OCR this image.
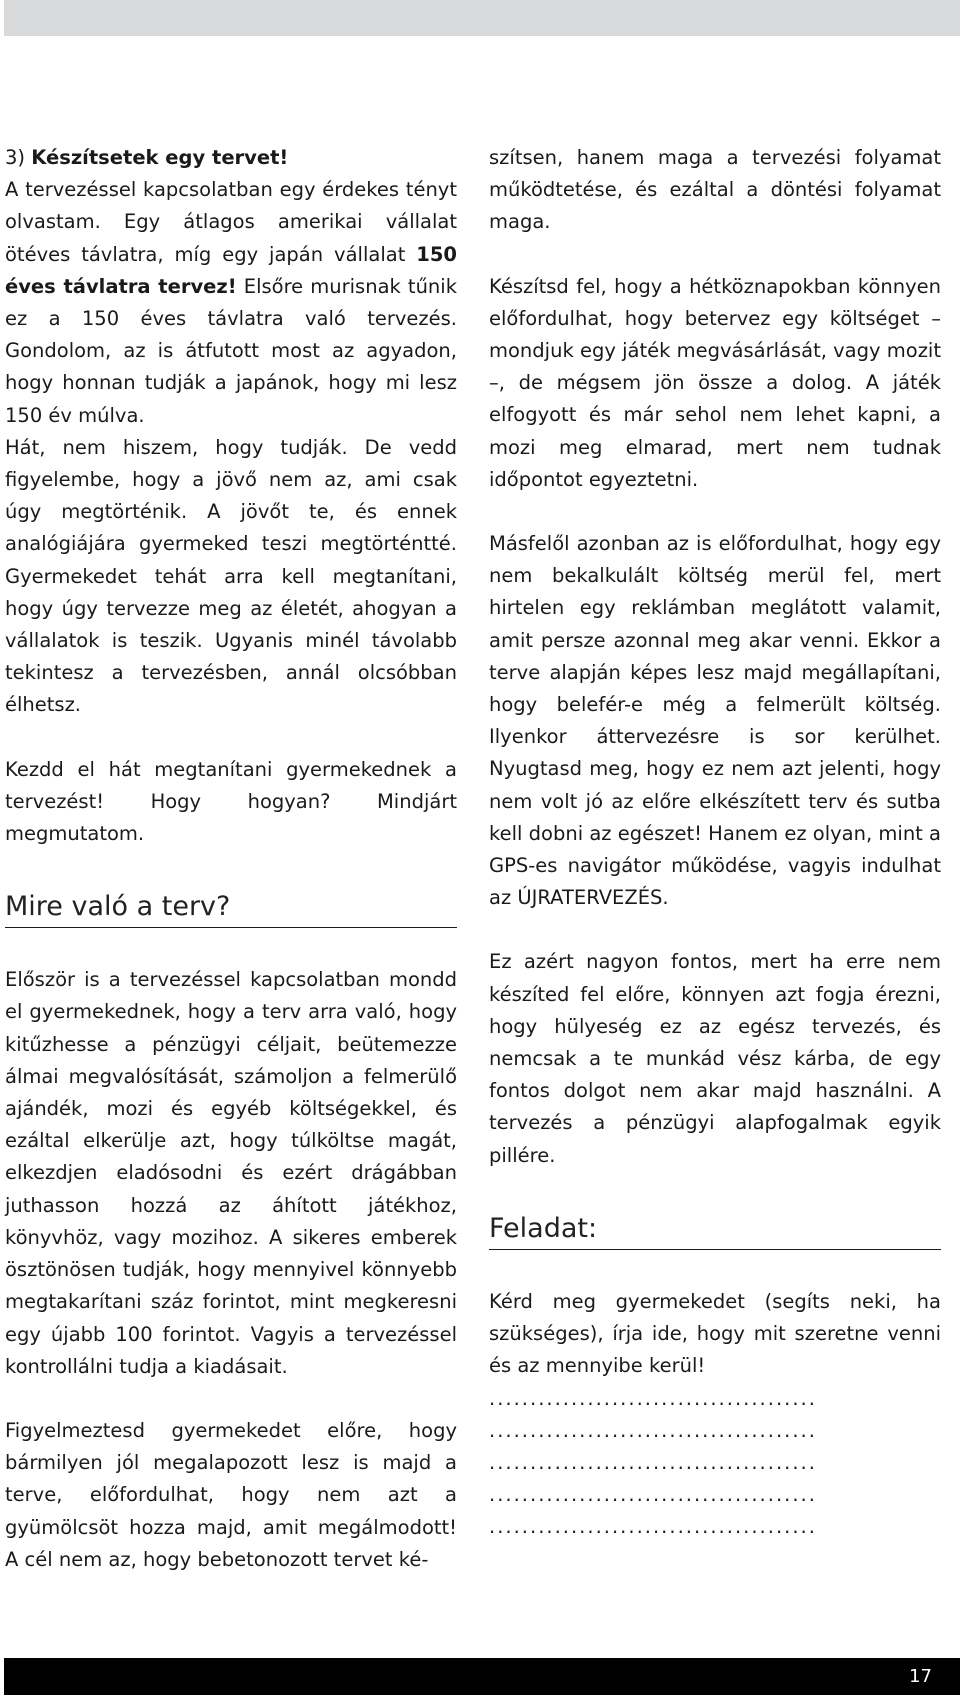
3) Készítsetek egy tervet!
A tervezéssel kapcsolatban egy érdekes tényt olvastam. Egy átlagos amerikai vállalat ötéves távlatra, míg egy japán vállalat 150 éves távlatra tervez! Elsőre murisnak tűnik ez a 150 éves távlatra való tervezés. Gondolom, az is átfutott most az agyadon, hogy honnan tudják a japánok, hogy mi lesz 150 év múlva.

Hát, nem hiszem, hogy tudják. De vedd figyelembe, hogy a jövő nem az, ami csak úgy megtörténik. A jövőt te, és ennek analógiájára gyermeked teszi megtörténtté. Gyermekedet tehát arra kell megtanítani, hogy úgy tervezze meg az életét, ahogyan a vállalatok is teszik. Ugyanis minél távolabb tekintesz a tervezésben, annál olcsóbban élhetsz.

Kezdd el hát megtanítani gyermekednek a tervezést! Hogy hogyan? Mindjárt megmutatom.

Mire való a terv?

Először is a tervezéssel kapcsolatban mondd el gyermekednek, hogy a terv arra való, hogy kitűzhesse a pénzügyi céljait, beütemezze álmai megvalósítását, számoljon a felmerülő ajándék, mozi és egyéb költségekkel, és ezáltal elkerülje azt, hogy túlköltse magát, elkezdjen eladósodni és ezért drágábban juthasson hozzá az áhított játékhoz, könyvhöz, vagy mozihoz. A sikeres emberek ösztönösen tudják, hogy mennyivel könnyebb megtakarítani száz forintot, mint megkeresni egy újabb 100 forintot. Vagyis a tervezéssel kontrollálni tudja a kiadásait.

Figyelmeztesd gyermekedet előre, hogy bármilyen jól megalapozott lesz is majd a terve, előfordulhat, hogy nem azt a gyümölcsöt hozza majd, amit megálmodott! A cél nem az, hogy bebetonozott tervet ké-

szítsen, hanem maga a tervezési folyamat működtetése, és ezáltal a döntési folyamat maga.

Készítsd fel, hogy a hétköznapokban könnyen előfordulhat, hogy betervez egy költséget – mondjuk egy játék megvásárlását, vagy mozit –, de mégsem jön össze a dolog. A játék elfogyott és már sehol nem lehet kapni, a mozi meg elmarad, mert nem tudnak időpontot egyeztetni.

Másfelől azonban az is előfordulhat, hogy egy nem bekalkulált költség merül fel, mert hirtelen egy reklámban meglátott valamit, amit persze azonnal meg akar venni. Ekkor a terve alapján képes lesz majd megállapítani, hogy belefér-e még a felmerült költség. Ilyenkor áttervezésre is sor kerülhet. Nyugtasd meg, hogy ez nem azt jelenti, hogy nem volt jó az előre elkészített terv és sutba kell dobni az egészet! Hanem ez olyan, mint a GPS-es navigátor működése, vagyis indulhat az ÚJRATERVEZÉS.

Ez azért nagyon fontos, mert ha erre nem készíted fel előre, könnyen azt fogja érezni, hogy hülyeség ez az egész tervezés, és nemcsak a te munkád vész kárba, de egy fontos dolgot nem akar majd használni. A tervezés a pénzügyi alapfogalmak egyik pillére.

Feladat:

Kérd meg gyermekedet (segíts neki, ha szükséges), írja ide, hogy mit szeretne venni és az mennyibe kerül!

........................................
........................................
........................................
........................................
........................................
17
